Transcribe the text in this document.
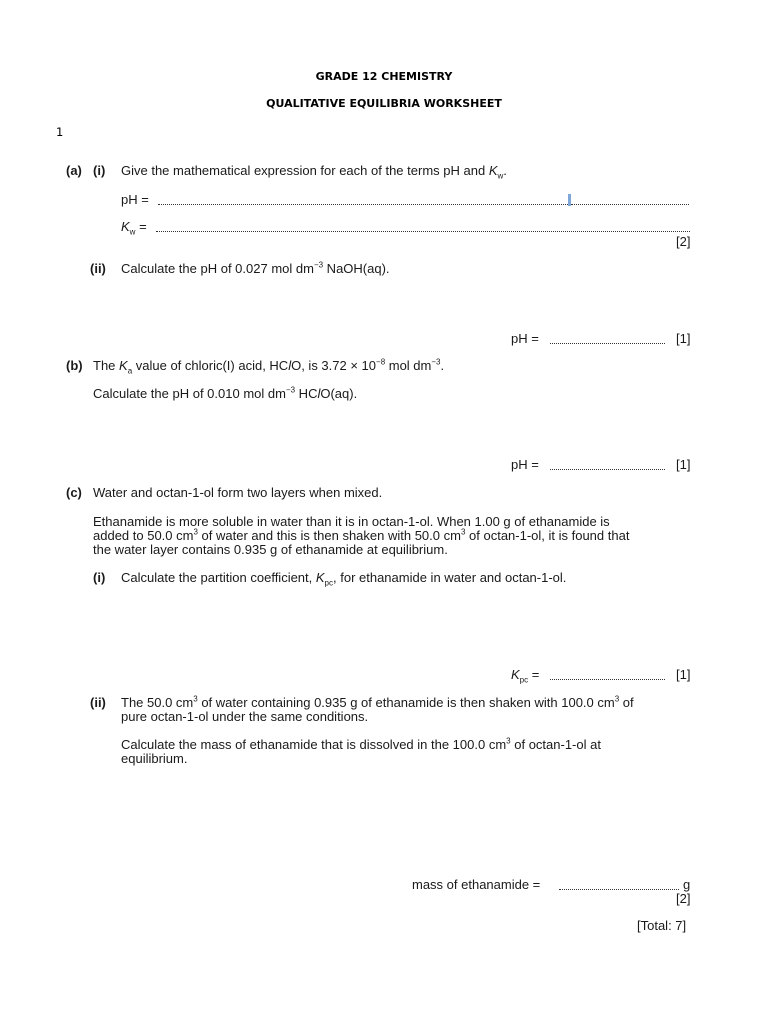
GRADE 12 CHEMISTRY
QUALITATIVE EQUILIBRIA WORKSHEET
1
(a) (i) Give the mathematical expression for each of the terms pH and $K_w$.
pH =
$K_w$ =
[2]
(ii) Calculate the pH of 0.027 mol $dm^{-3}$ NaOH(aq).
pH =	[1]
(b) The $K_a$ value of chloric(I) acid, HClO, is $3.72 \times 10^{-8}$ mol $dm^{-3}$.
Calculate the pH of 0.010 mol $dm^{-3}$ HClO(aq).
pH =	[1]
(c) Water and octan-1-ol form two layers when mixed.
Ethanamide is more soluble in water than it is in octan-1-ol. When 1.00 g of ethanamide is
added to 50.0 $cm^3$ of water and this is then shaken with 50.0 $cm^3$ of octan-1-ol, it is found that
the water layer contains 0.935 g of ethanamide at equilibrium.
(i) Calculate the partition coefficient, $K_{pc}$, for ethanamide in water and octan-1-ol.
$K_{pc}$ =	[1]
(ii) The 50.0 $cm^3$ of water containing 0.935 g of ethanamide is then shaken with 100.0 $cm^3$ of
pure octan-1-ol under the same conditions.
Calculate the mass of ethanamide that is dissolved in the 100.0 $cm^3$ of octan-1-ol at
equilibrium.
mass of ethanamide =	g
[2]
[Total: 7]
